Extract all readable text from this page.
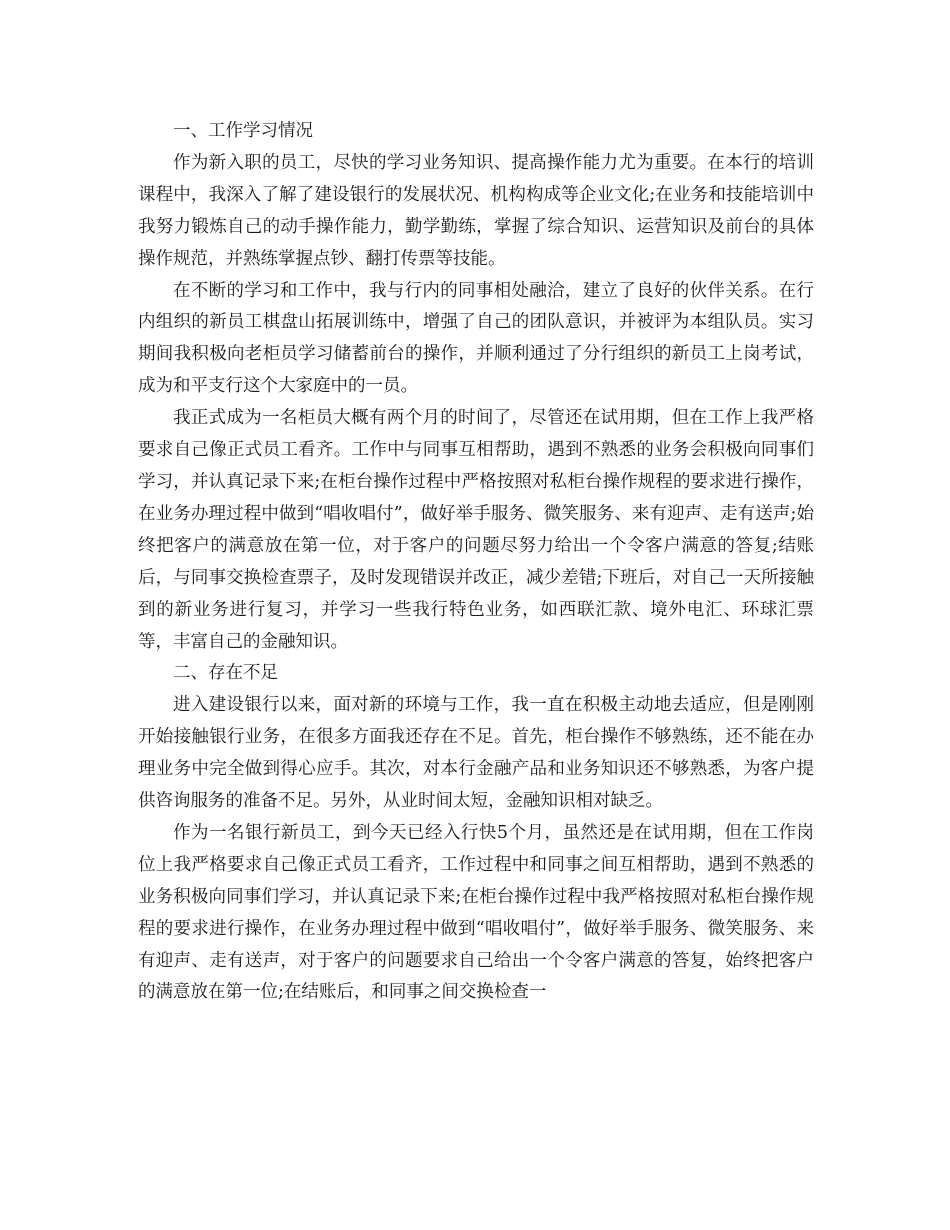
一、工作学习情况

作为新入职的员工，尽快的学习业务知识、提高操作能力尤为重要。在本行的培训课程中，我深入了解了建设银行的发展状况、机构构成等企业文化;在业务和技能培训中我努力锻炼自己的动手操作能力，勤学勤练，掌握了综合知识、运营知识及前台的具体操作规范，并熟练掌握点钞、翻打传票等技能。

在不断的学习和工作中，我与行内的同事相处融洽，建立了良好的伙伴关系。在行内组织的新员工棋盘山拓展训练中，增强了自己的团队意识，并被评为本组队员。实习期间我积极向老柜员学习储蓄前台的操作，并顺利通过了分行组织的新员工上岗考试，成为和平支行这个大家庭中的一员。

我正式成为一名柜员大概有两个月的时间了，尽管还在试用期，但在工作上我严格要求自己像正式员工看齐。工作中与同事互相帮助，遇到不熟悉的业务会积极向同事们学习，并认真记录下来;在柜台操作过程中严格按照对私柜台操作规程的要求进行操作，在业务办理过程中做到“唱收唱付”，做好举手服务、微笑服务、来有迎声、走有送声;始终把客户的满意放在第一位，对于客户的问题尽努力给出一个令客户满意的答复;结账后，与同事交换检查票子，及时发现错误并改正，减少差错;下班后，对自己一天所接触到的新业务进行复习，并学习一些我行特色业务，如西联汇款、境外电汇、环球汇票等，丰富自己的金融知识。

二、存在不足

进入建设银行以来，面对新的环境与工作，我一直在积极主动地去适应，但是刚刚开始接触银行业务，在很多方面我还存在不足。首先，柜台操作不够熟练，还不能在办理业务中完全做到得心应手。其次，对本行金融产品和业务知识还不够熟悉，为客户提供咨询服务的准备不足。另外，从业时间太短，金融知识相对缺乏。

作为一名银行新员工，到今天已经入行快5个月，虽然还是在试用期，但在工作岗位上我严格要求自己像正式员工看齐，工作过程中和同事之间互相帮助，遇到不熟悉的业务积极向同事们学习，并认真记录下来;在柜台操作过程中我严格按照对私柜台操作规程的要求进行操作，在业务办理过程中做到“唱收唱付”，做好举手服务、微笑服务、来有迎声、走有送声，对于客户的问题要求自己给出一个令客户满意的答复，始终把客户的满意放在第一位;在结账后，和同事之间交换检查一
